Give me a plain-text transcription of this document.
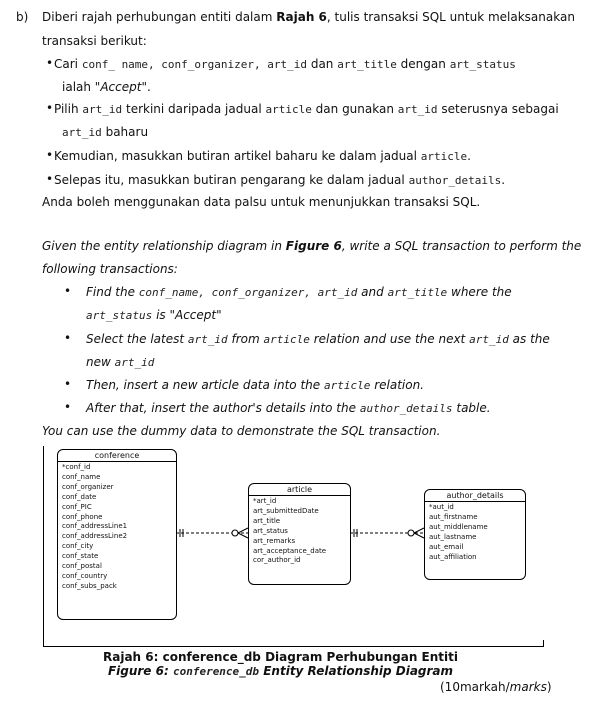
b) Diberi rajah perhubungan entiti dalam Rajah 6, tulis transaksi SQL untuk melaksanakan
transaksi berikut:
• Cari conf_ name, conf_organizer, art_id dan art_title dengan art_status
ialah "Accept".
• Pilih art_id terkini daripada jadual article dan gunakan art_id seterusnya sebagai
art_id baharu
• Kemudian, masukkan butiran artikel baharu ke dalam jadual article.
• Selepas itu, masukkan butiran pengarang ke dalam jadual author_details.
Anda boleh menggunakan data palsu untuk menunjukkan transaksi SQL.
Given the entity relationship diagram in Figure 6, write a SQL transaction to perform the
following transactions:
• Find the conf_name, conf_organizer, art_id and art_title where the
art_status is "Accept"
• Select the latest art_id from article relation and use the next art_id as the
new art_id
• Then, insert a new article data into the article relation.
• After that, insert the author's details into the author_details table.
You can use the dummy data to demonstrate the SQL transaction.
conference
*conf_id
conf_name
conf_organizer
conf_date
conf_PIC
conf_phone
conf_addressLine1
conf_addressLine2
conf_city
conf_state
conf_postal
conf_country
conf_subs_pack
article
*art_id
art_submittedDate
art_title
art_status
art_remarks
art_acceptance_date
cor_author_id
author_details
*aut_id
aut_firstname
aut_middlename
aut_lastname
aut_email
aut_affiliation
Rajah 6: conference_db Diagram Perhubungan Entiti
Figure 6: conference_db Entity Relationship Diagram
(10markah/marks)
